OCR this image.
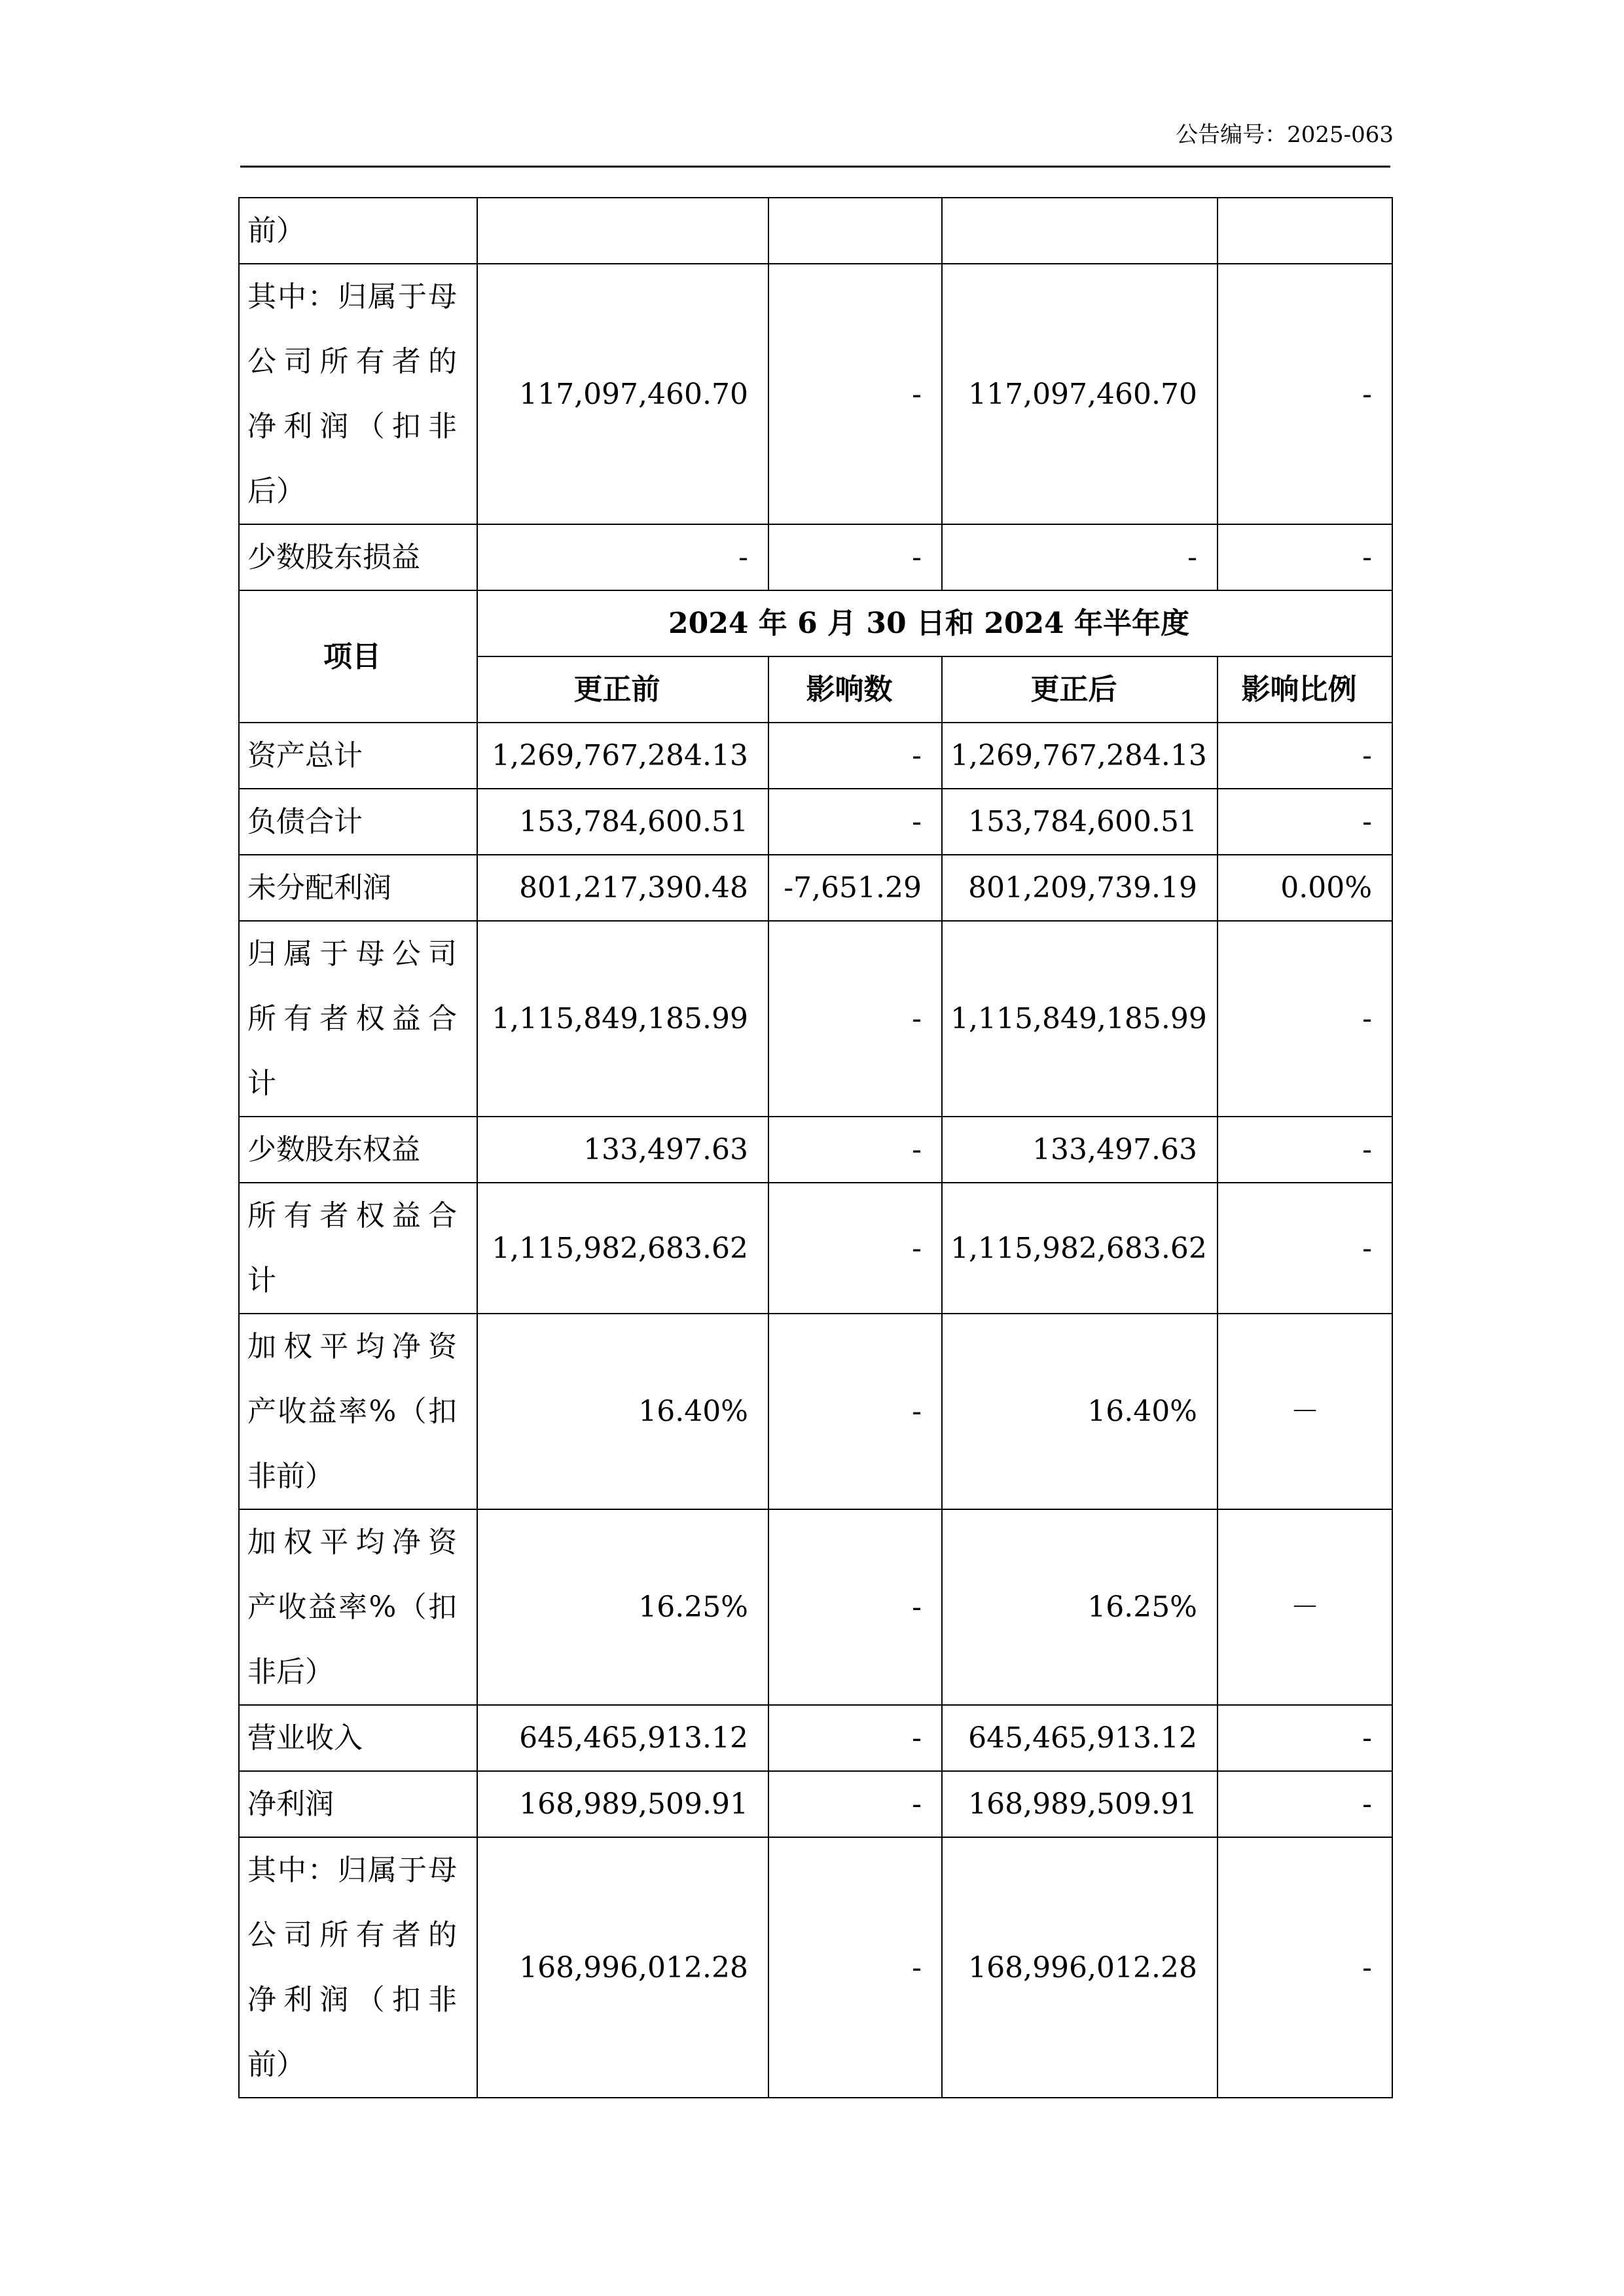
公告编号：2025-063
前）				

其中：归属于母
公司所有者的
净利润（扣非
后）	117,097,460.70	-	117,097,460.70	-
少数股东损益	-	-	-	-
项目	2024 年 6 月 30 日和 2024 年半年度			
	更正前	影响数	更正后	影响比例

资产总计	1,269,767,284.13	-	1,269,767,284.13	-

负债合计	153,784,600.51	-	153,784,600.51	-

未分配利润	801,217,390.48	-7,651.29	801,209,739.19	0.00%

归属于母公司
所有者权益合
计	1,115,849,185.99	-	1,115,849,185.99	-

少数股东权益	133,497.63	-	133,497.63	-

所有者权益合
计	1,115,982,683.62	-	1,115,982,683.62	-

加权平均净资
产收益率%（扣
非前）	16.40%	-	16.40%	－

加权平均净资
产收益率%（扣
非后）	16.25%	-	16.25%	－

营业收入	645,465,913.12	-	645,465,913.12	-

净利润	168,989,509.91	-	168,989,509.91	-

其中：归属于母
公司所有者的
净利润（扣非
前）	168,996,012.28	-	168,996,012.28	-
